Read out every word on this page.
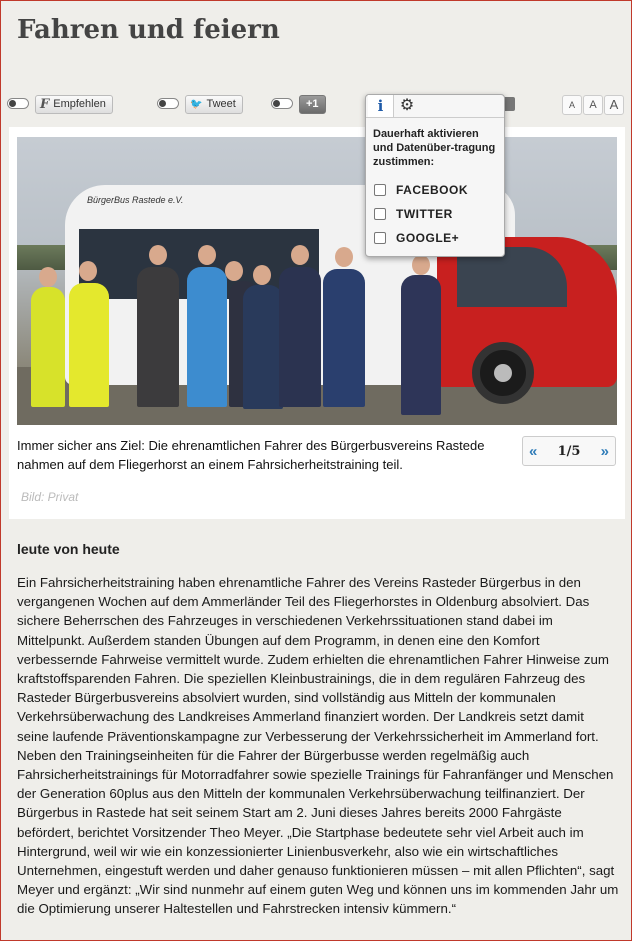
Fahren und feiern
F Empfehlen	🐦 Tweet	+1	A	A A
BürgerBus Rastede e.V.
Immer sicher ans Ziel: Die ehrenamtlichen Fahrer des Bürgerbusvereins Rastede nahmen auf dem Fliegerhorst an einem Fahrsicherheitstraining teil.
« 1/5 »
Bild: Privat
i	⚙
Dauerhaft aktivieren und Datenüber-tragung zustimmen:
FACEBOOK
TWITTER
GOOGLE+
leute von heute

Ein Fahrsicherheitstraining haben ehrenamtliche Fahrer des Vereins Rasteder Bürgerbus in den vergangenen Wochen auf dem Ammerländer Teil des Fliegerhorstes in Oldenburg absolviert. Das sichere Beherrschen des Fahrzeuges in verschiedenen Verkehrssituationen stand dabei im Mittelpunkt. Außerdem standen Übungen auf dem Programm, in denen eine den Komfort verbessernde Fahrweise vermittelt wurde. Zudem erhielten die ehrenamtlichen Fahrer Hinweise zum kraftstoffsparenden Fahren. Die speziellen Kleinbustrainings, die in dem regulären Fahrzeug des Rasteder Bürgerbusvereins absolviert wurden, sind vollständig aus Mitteln der kommunalen Verkehrsüberwachung des Landkreises Ammerland finanziert worden. Der Landkreis setzt damit seine laufende Präventionskampagne zur Verbesserung der Verkehrssicherheit im Ammerland fort. Neben den Trainingseinheiten für die Fahrer der Bürgerbusse werden regelmäßig auch Fahrsicherheitstrainings für Motorradfahrer sowie spezielle Trainings für Fahranfänger und Menschen der Generation 60plus aus den Mitteln der kommunalen Verkehrsüberwachung teilfinanziert. Der Bürgerbus in Rastede hat seit seinem Start am 2. Juni dieses Jahres bereits 2000 Fahrgäste befördert, berichtet Vorsitzender Theo Meyer. „Die Startphase bedeutete sehr viel Arbeit auch im Hintergrund, weil wir wie ein konzessionierter Linienbusverkehr, also wie ein wirtschaftliches Unternehmen, eingestuft werden und daher genauso funktionieren müssen – mit allen Pflichten“, sagt Meyer und ergänzt: „Wir sind nunmehr auf einem guten Weg und können uns im kommenden Jahr um die Optimierung unserer Haltestellen und Fahrstrecken intensiv kümmern.“
